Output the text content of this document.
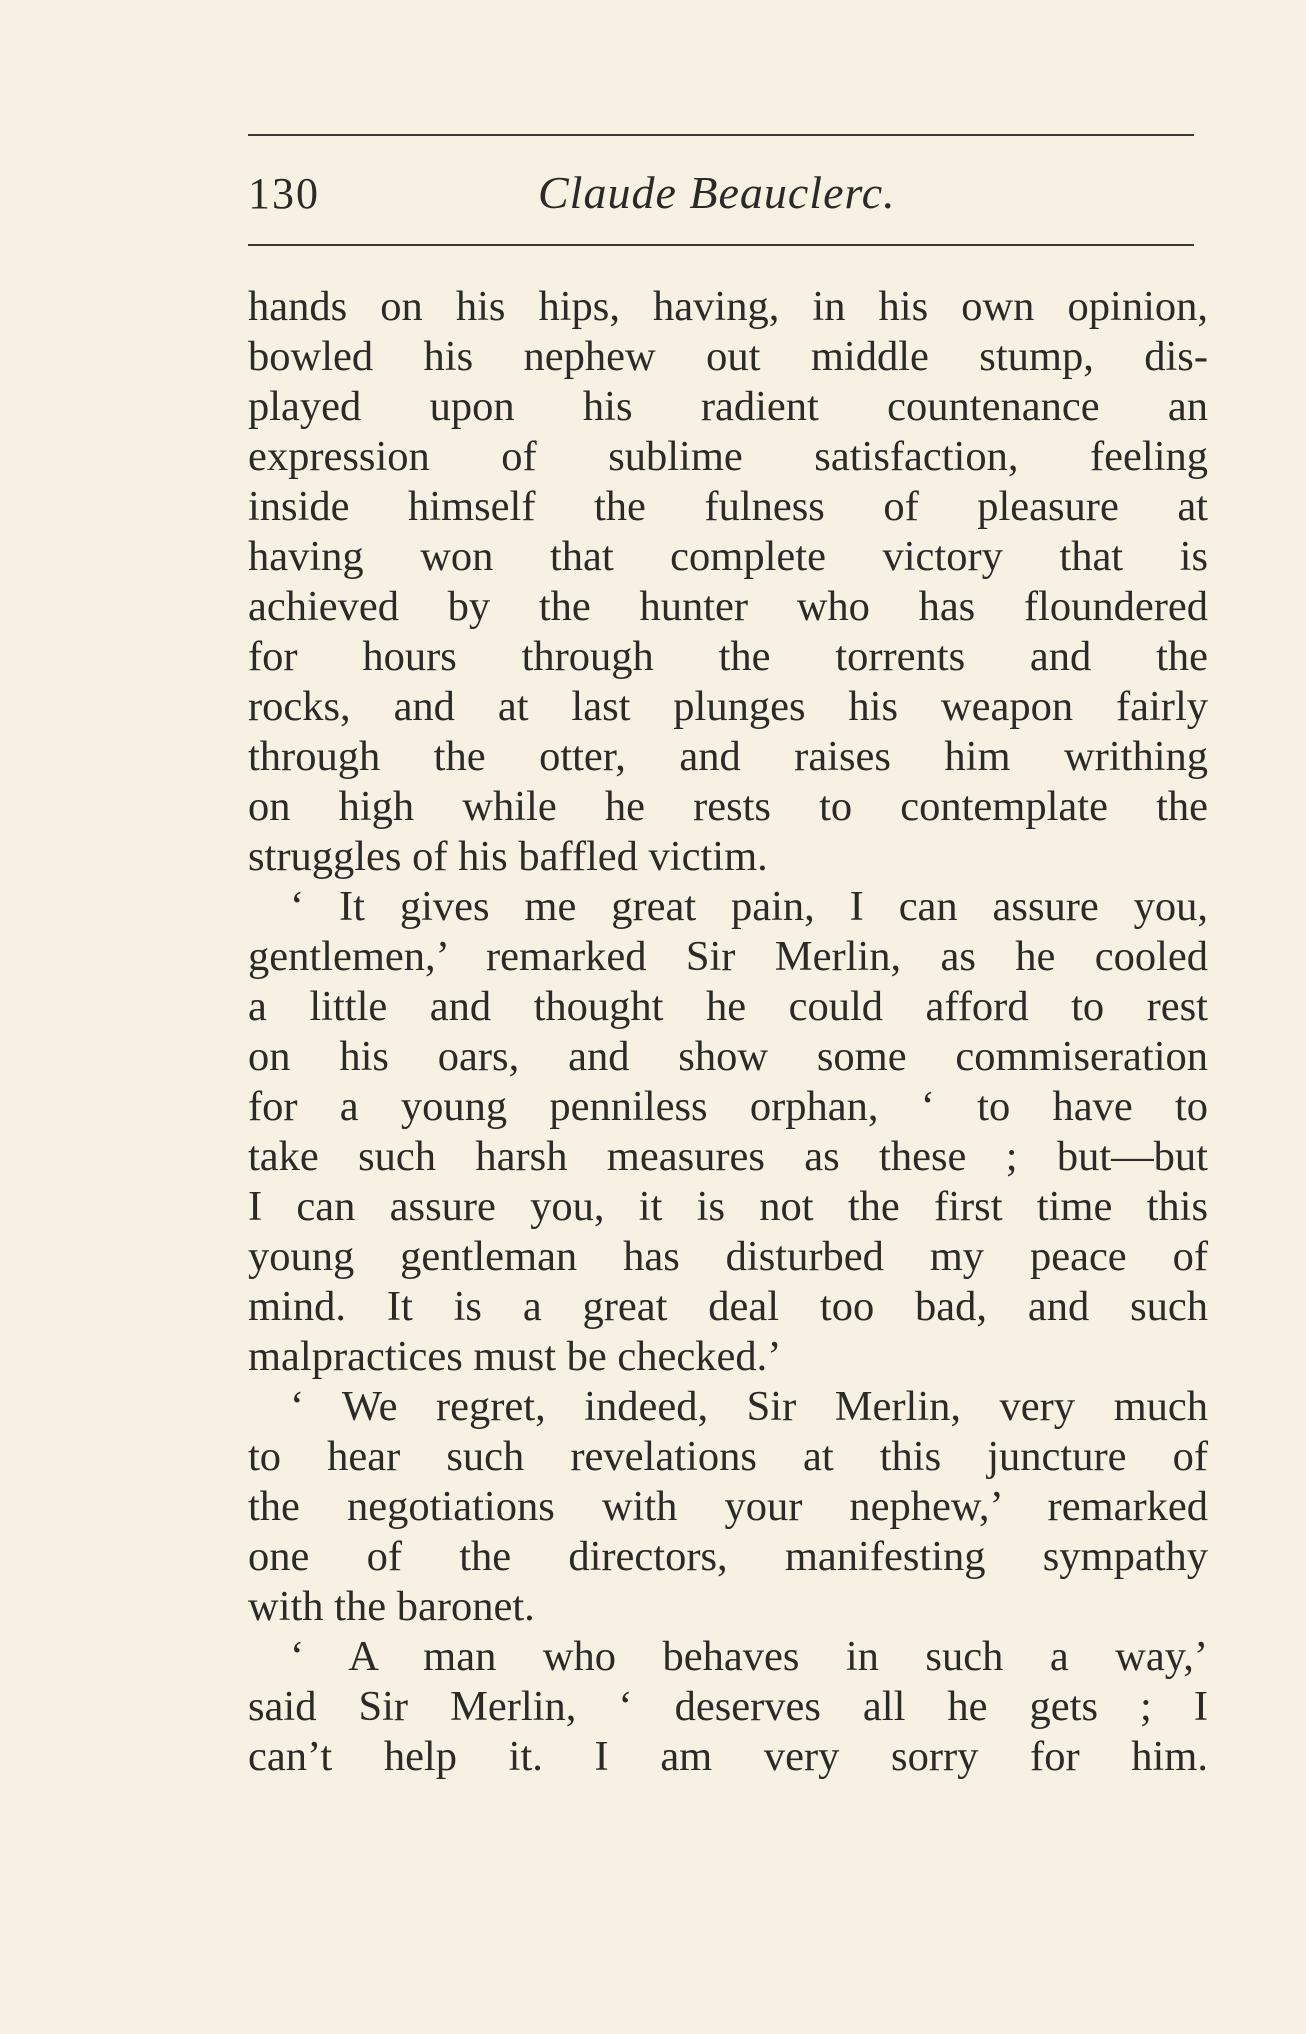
130	Claude Beauclerc.
hands on his hips, having, in his own opinion,
bowled his nephew out middle stump, dis-
played upon his radient countenance an
expression of sublime satisfaction, feeling
inside himself the fulness of pleasure at
having won that complete victory that is
achieved by the hunter who has floundered
for hours through the torrents and the
rocks, and at last plunges his weapon fairly
through the otter, and raises him writhing
on high while he rests to contemplate the
struggles of his baffled victim.
‘ It gives me great pain, I can assure you,
gentlemen,’ remarked Sir Merlin, as he cooled
a little and thought he could afford to rest
on his oars, and show some commiseration
for a young penniless orphan, ‘ to have to
take such harsh measures as these ; but—but
I can assure you, it is not the first time this
young gentleman has disturbed my peace of
mind. It is a great deal too bad, and such
malpractices must be checked.’
‘ We regret, indeed, Sir Merlin, very much
to hear such revelations at this juncture of
the negotiations with your nephew,’ remarked
one of the directors, manifesting sympathy
with the baronet.
‘ A man who behaves in such a way,’
said Sir Merlin, ‘ deserves all he gets ; I
can’t help it. I am very sorry for him.
